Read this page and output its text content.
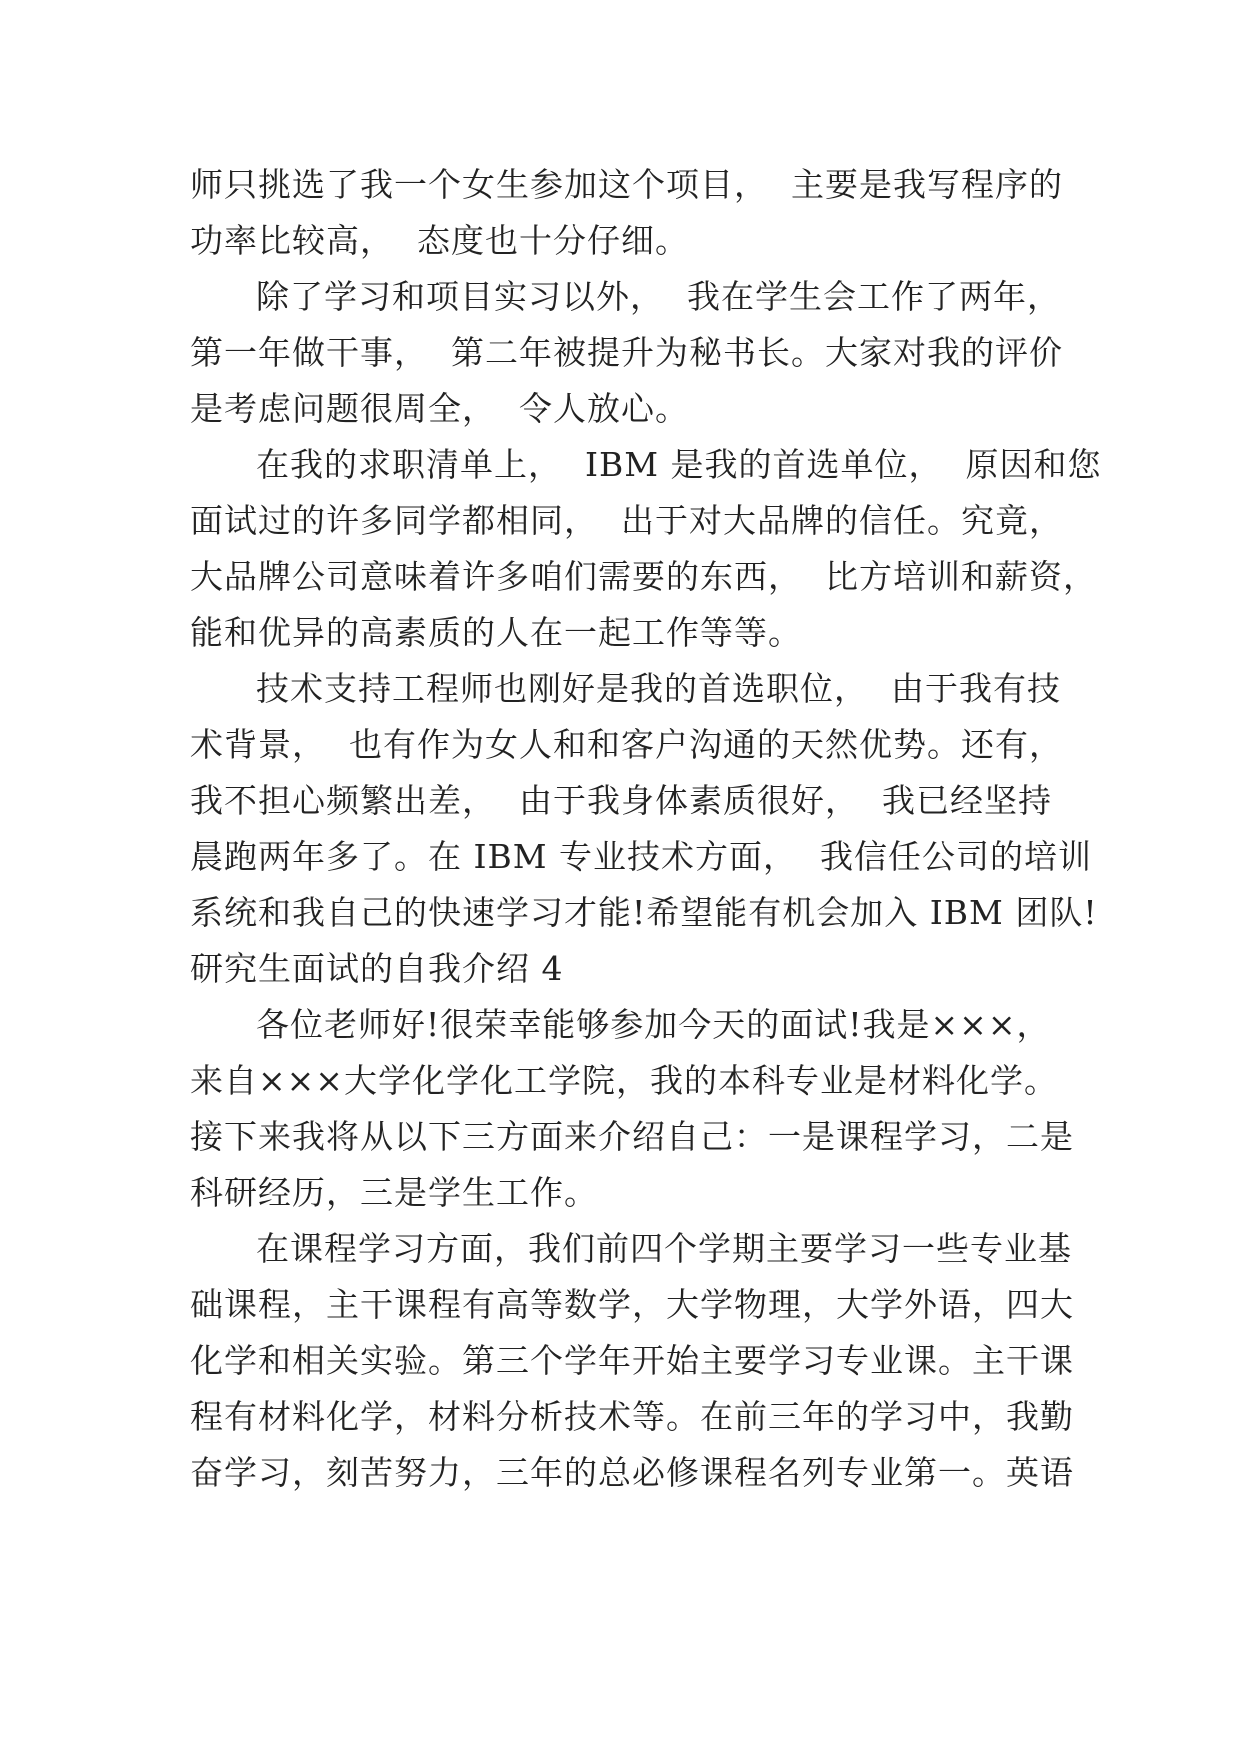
师只挑选了我一个女生参加这个项目，  主要是我写程序的
功率比较高，  态度也十分仔细。
除了学习和项目实习以外，  我在学生会工作了两年，
第一年做干事，  第二年被提升为秘书长。大家对我的评价
是考虑问题很周全，  令人放心。
在我的求职清单上，  IBM 是我的首选单位，  原因和您
面试过的许多同学都相同，  出于对大品牌的信任。究竟，
大品牌公司意味着许多咱们需要的东西，  比方培训和薪资，
能和优异的高素质的人在一起工作等等。
技术支持工程师也刚好是我的首选职位，  由于我有技
术背景，  也有作为女人和和客户沟通的天然优势。还有，
我不担心频繁出差，  由于我身体素质很好，  我已经坚持
晨跑两年多了。在 IBM 专业技术方面，  我信任公司的培训
系统和我自己的快速学习才能!希望能有机会加入 IBM 团队!
研究生面试的自我介绍 4
各位老师好!很荣幸能够参加今天的面试!我是×××，
来自×××大学化学化工学院，我的本科专业是材料化学。
接下来我将从以下三方面来介绍自己：一是课程学习，二是
科研经历，三是学生工作。
在课程学习方面，我们前四个学期主要学习一些专业基
础课程，主干课程有高等数学，大学物理，大学外语，四大
化学和相关实验。第三个学年开始主要学习专业课。主干课
程有材料化学，材料分析技术等。在前三年的学习中，我勤
奋学习，刻苦努力，三年的总必修课程名列专业第一。英语
